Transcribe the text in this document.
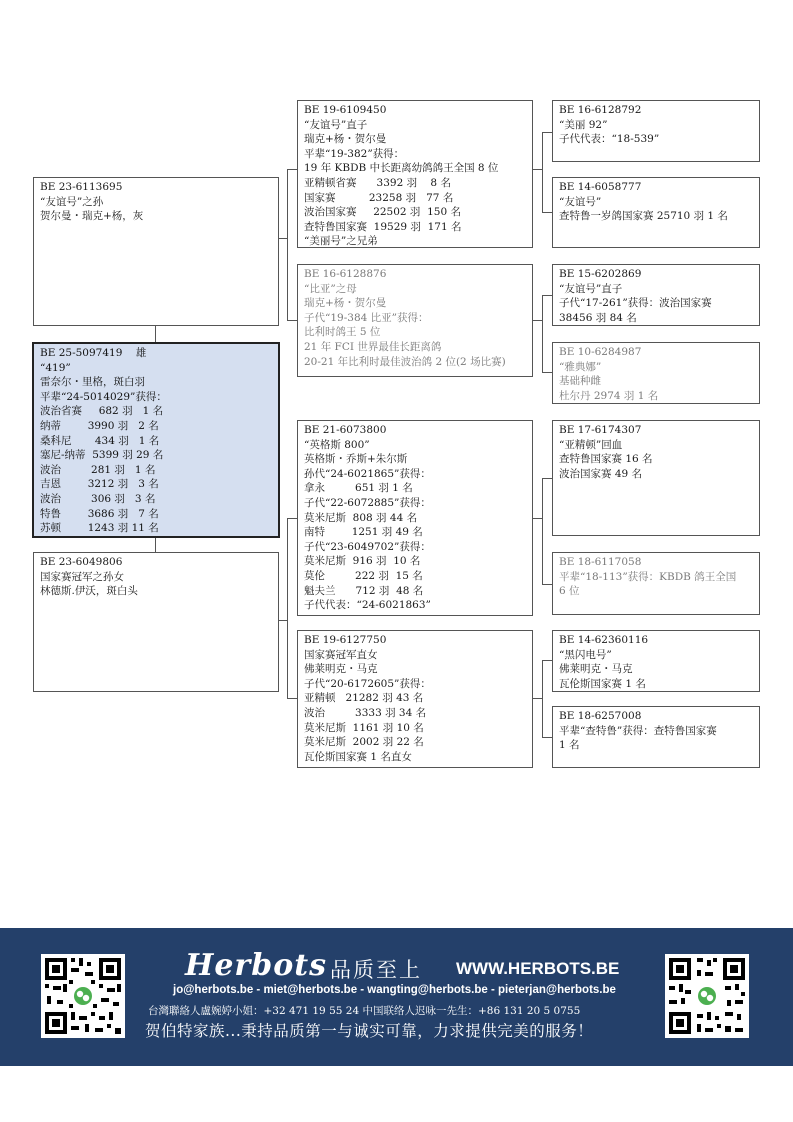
BE 23-6113695
“友谊号”之孙
贺尔曼・瑞克+杨，灰
BE 25-5097419    雄
“419”
雷奈尔・里格，斑白羽
平辈“24-5014029”获得：
波治省赛     682 羽   1 名
纳蒂        3990 羽   2 名
桑科尼       434 羽   1 名
塞尼-纳蒂  5399 羽 29 名
波治         281 羽   1 名
吉恩        3212 羽   3 名
波治         306 羽   3 名
特鲁        3686 羽   7 名
苏顿        1243 羽 11 名
BE 23-6049806
国家赛冠军之孙女
林德斯.伊沃，斑白头
BE 19-6109450
“友谊号”直子
瑞克+杨・贺尔曼
平辈“19-382”获得：
19 年 KBDB 中长距离幼鸽鸽王全国 8 位
亚精顿省赛      3392 羽    8 名
国家赛          23258 羽   77 名
波治国家赛     22502 羽  150 名
查特鲁国家赛  19529 羽  171 名
“美丽号”之兄弟
BE 16-6128876
“比亚”之母
瑞克+杨・贺尔曼
子代“19-384 比亚”获得：
比利时鸽王 5 位
21 年 FCI 世界最佳长距离鸽
20-21 年比利时最佳波治鸽 2 位(2 场比赛)
BE 21-6073800
“英格斯 800”
英格斯・乔斯+朱尔斯
孙代“24-6021865”获得：
拿永         651 羽 1 名
子代“22-6072885”获得：
莫米尼斯  808 羽 44 名
南特        1251 羽 49 名
子代“23-6049702”获得：
莫米尼斯  916 羽  10 名
莫伦         222 羽  15 名
魁夫兰      712 羽  48 名
子代代表：“24-6021863”
BE 19-6127750
国家赛冠军直女
佛莱明克・马克
子代“20-6172605”获得：
亚精顿   21282 羽 43 名
波治         3333 羽 34 名
莫米尼斯  1161 羽 10 名
莫米尼斯  2002 羽 22 名
瓦伦斯国家赛 1 名直女
BE 16-6128792
“美丽 92”
子代代表：“18-539”
BE 14-6058777
“友谊号”
查特鲁一岁鸽国家赛 25710 羽 1 名
BE 15-6202869
“友谊号”直子
子代“17-261”获得：波治国家赛
38456 羽 84 名
BE 10-6284987
“雅典娜”
基础种雌
杜尔丹 2974 羽 1 名
BE 17-6174307
“亚精顿”回血
查特鲁国家赛 16 名
波治国家赛 49 名
BE 18-6117058
平辈“18-113”获得：KBDB 鸽王全国
6 位
BE 14-62360116
“黑闪电号”
佛莱明克・马克
瓦伦斯国家赛 1 名
BE 18-6257008
平辈“查特鲁”获得：查特鲁国家赛
1 名
Herbots 品质至上 WWW.HERBOTS.BE
jo@herbots.be - miet@herbots.be - wangting@herbots.be - pieterjan@herbots.be
台灣聯絡人盧婉婷小姐：+32 471 19 55 24 中国联络人迟咏一先生：+86 131 20 5 0755
贺伯特家族...秉持品质第一与诚实可靠，力求提供完美的服务！
